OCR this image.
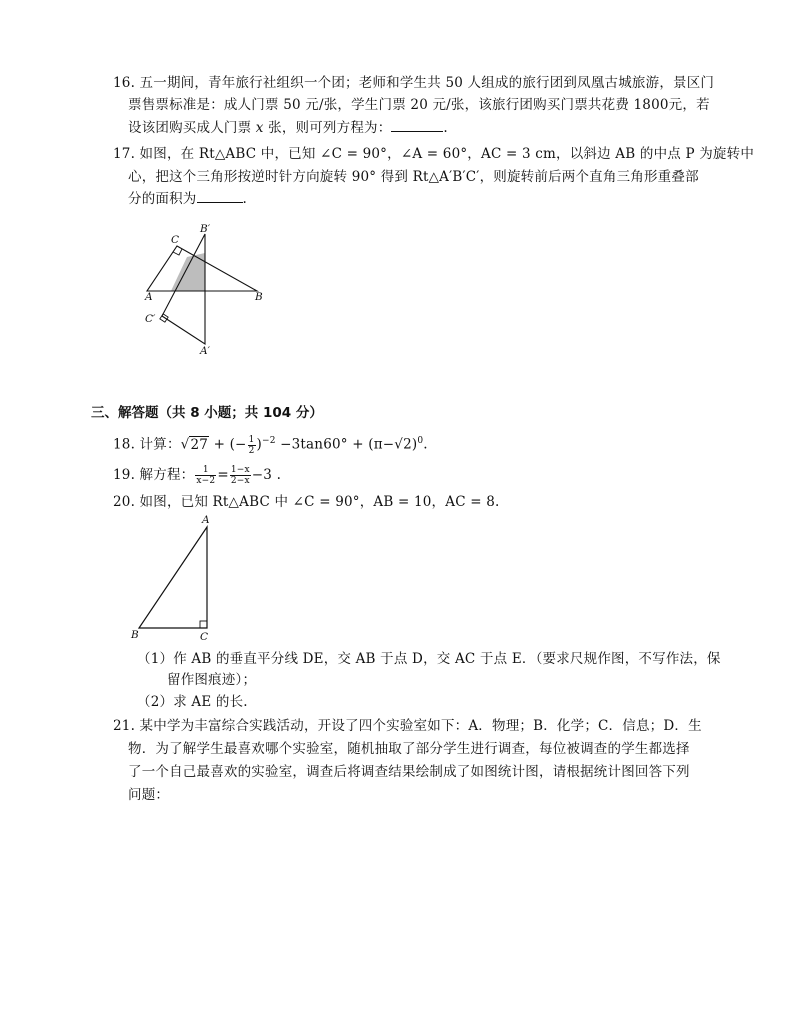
16. 五一期间，青年旅行社组织一个团；老师和学生共 50 人组成的旅行团到凤凰古城旅游，景区门
票售票标准是：成人门票 50 元/张，学生门票 20 元/张，该旅行团购买门票共花费 1800元，若
设该团购买成人门票 x 张，则可列方程为：	.
17. 如图，在 Rt△ABC 中，已知 ∠C = 90°，∠A = 60°，AC = 3 cm，以斜边 AB 的中点 P 为旋转中
心，把这个三角形按逆时针方向旋转 90° 得到 Rt△A′B′C′，则旋转前后两个直角三角形重叠部
分的面积为	.
C
B′
A	B
C′
A′
三、解答题（共 8 小题；共 104 分）
18. 计算：√27 + (− $\frac{1}{2} )^{-2} -3\tan 60^\circ + (\pi-√2)^0$.
19. 解方程： $\frac{1}{x-2} = \frac{1-x}{2-x} -3$ .
20. 如图，已知 Rt△ABC 中 ∠C = 90°，AB = 10，AC = 8.
A
B	C
（1）作 AB 的垂直平分线 DE，交 AB 于点 D，交 AC 于点 E．（要求尺规作图，不写作法，保
留作图痕迹）；
（2）求 AE 的长.
21. 某中学为丰富综合实践活动，开设了四个实验室如下：A．物理；B．化学；C．信息；D．生
物．为了解学生最喜欢哪个实验室，随机抽取了部分学生进行调查，每位被调查的学生都选择
了一个自己最喜欢的实验室，调查后将调查结果绘制成了如图统计图，请根据统计图回答下列
问题：
